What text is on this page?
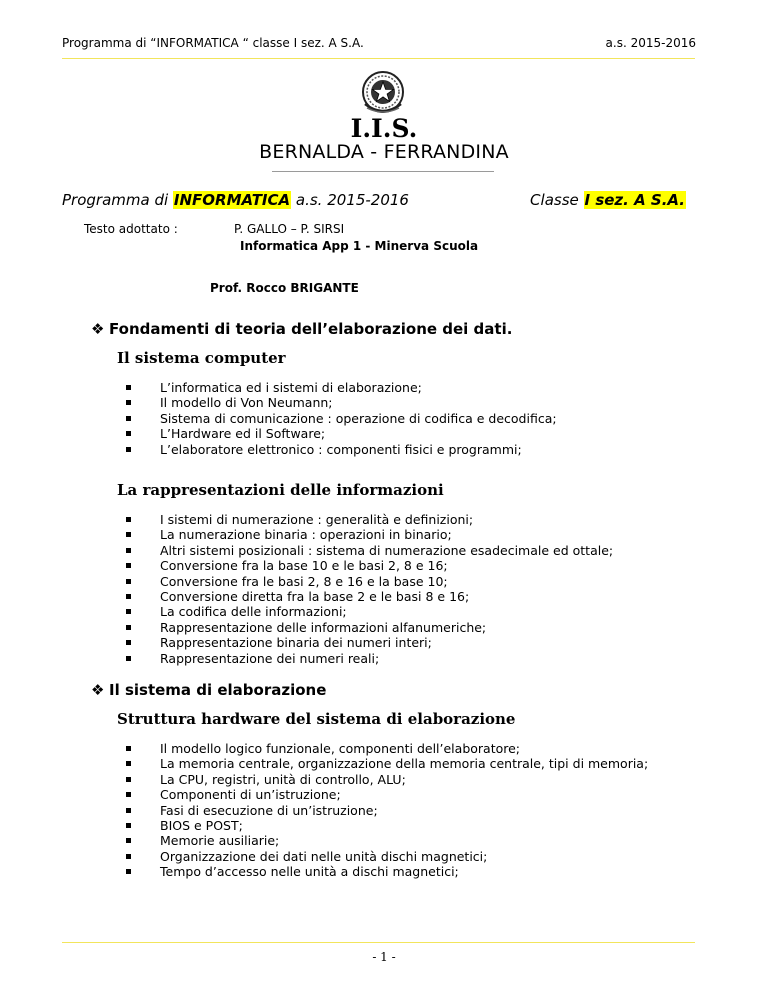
Programma di “INFORMATICA “ classe I sez. A S.A.	a.s. 2015-2016
I.I.S.
BERNALDA - FERRANDINA
Programma di INFORMATICA a.s. 2015-2016	Classe I sez. A S.A.
Testo adottato :	P. GALLO – P. SIRSI
Informatica App 1 - Minerva Scuola
Prof. Rocco BRIGANTE
❖ Fondamenti di teoria dell’elaborazione dei dati.
Il sistema computer
L’informatica ed i sistemi di elaborazione;
Il modello di Von Neumann;
Sistema di comunicazione : operazione di codifica e decodifica;
L’Hardware ed il Software;
L’elaboratore elettronico : componenti fisici e programmi;
La rappresentazioni delle informazioni
I sistemi di numerazione : generalità e definizioni;
La numerazione binaria : operazioni in binario;
Altri sistemi posizionali : sistema di numerazione esadecimale ed ottale;
Conversione fra la base 10 e le basi 2, 8 e 16;
Conversione fra le basi 2, 8 e 16 e la base 10;
Conversione diretta fra la base 2 e le basi 8 e 16;
La codifica delle informazioni;
Rappresentazione delle informazioni alfanumeriche;
Rappresentazione binaria dei numeri interi;
Rappresentazione dei numeri reali;
❖ Il sistema di elaborazione
Struttura hardware del sistema di elaborazione
Il modello logico funzionale, componenti dell’elaboratore;
La memoria centrale, organizzazione della memoria centrale, tipi di memoria;
La CPU, registri, unità di controllo, ALU;
Componenti di un’istruzione;
Fasi di esecuzione di un’istruzione;
BIOS e POST;
Memorie ausiliarie;
Organizzazione dei dati nelle unità dischi magnetici;
Tempo d’accesso nelle unità a dischi magnetici;
- 1 -
